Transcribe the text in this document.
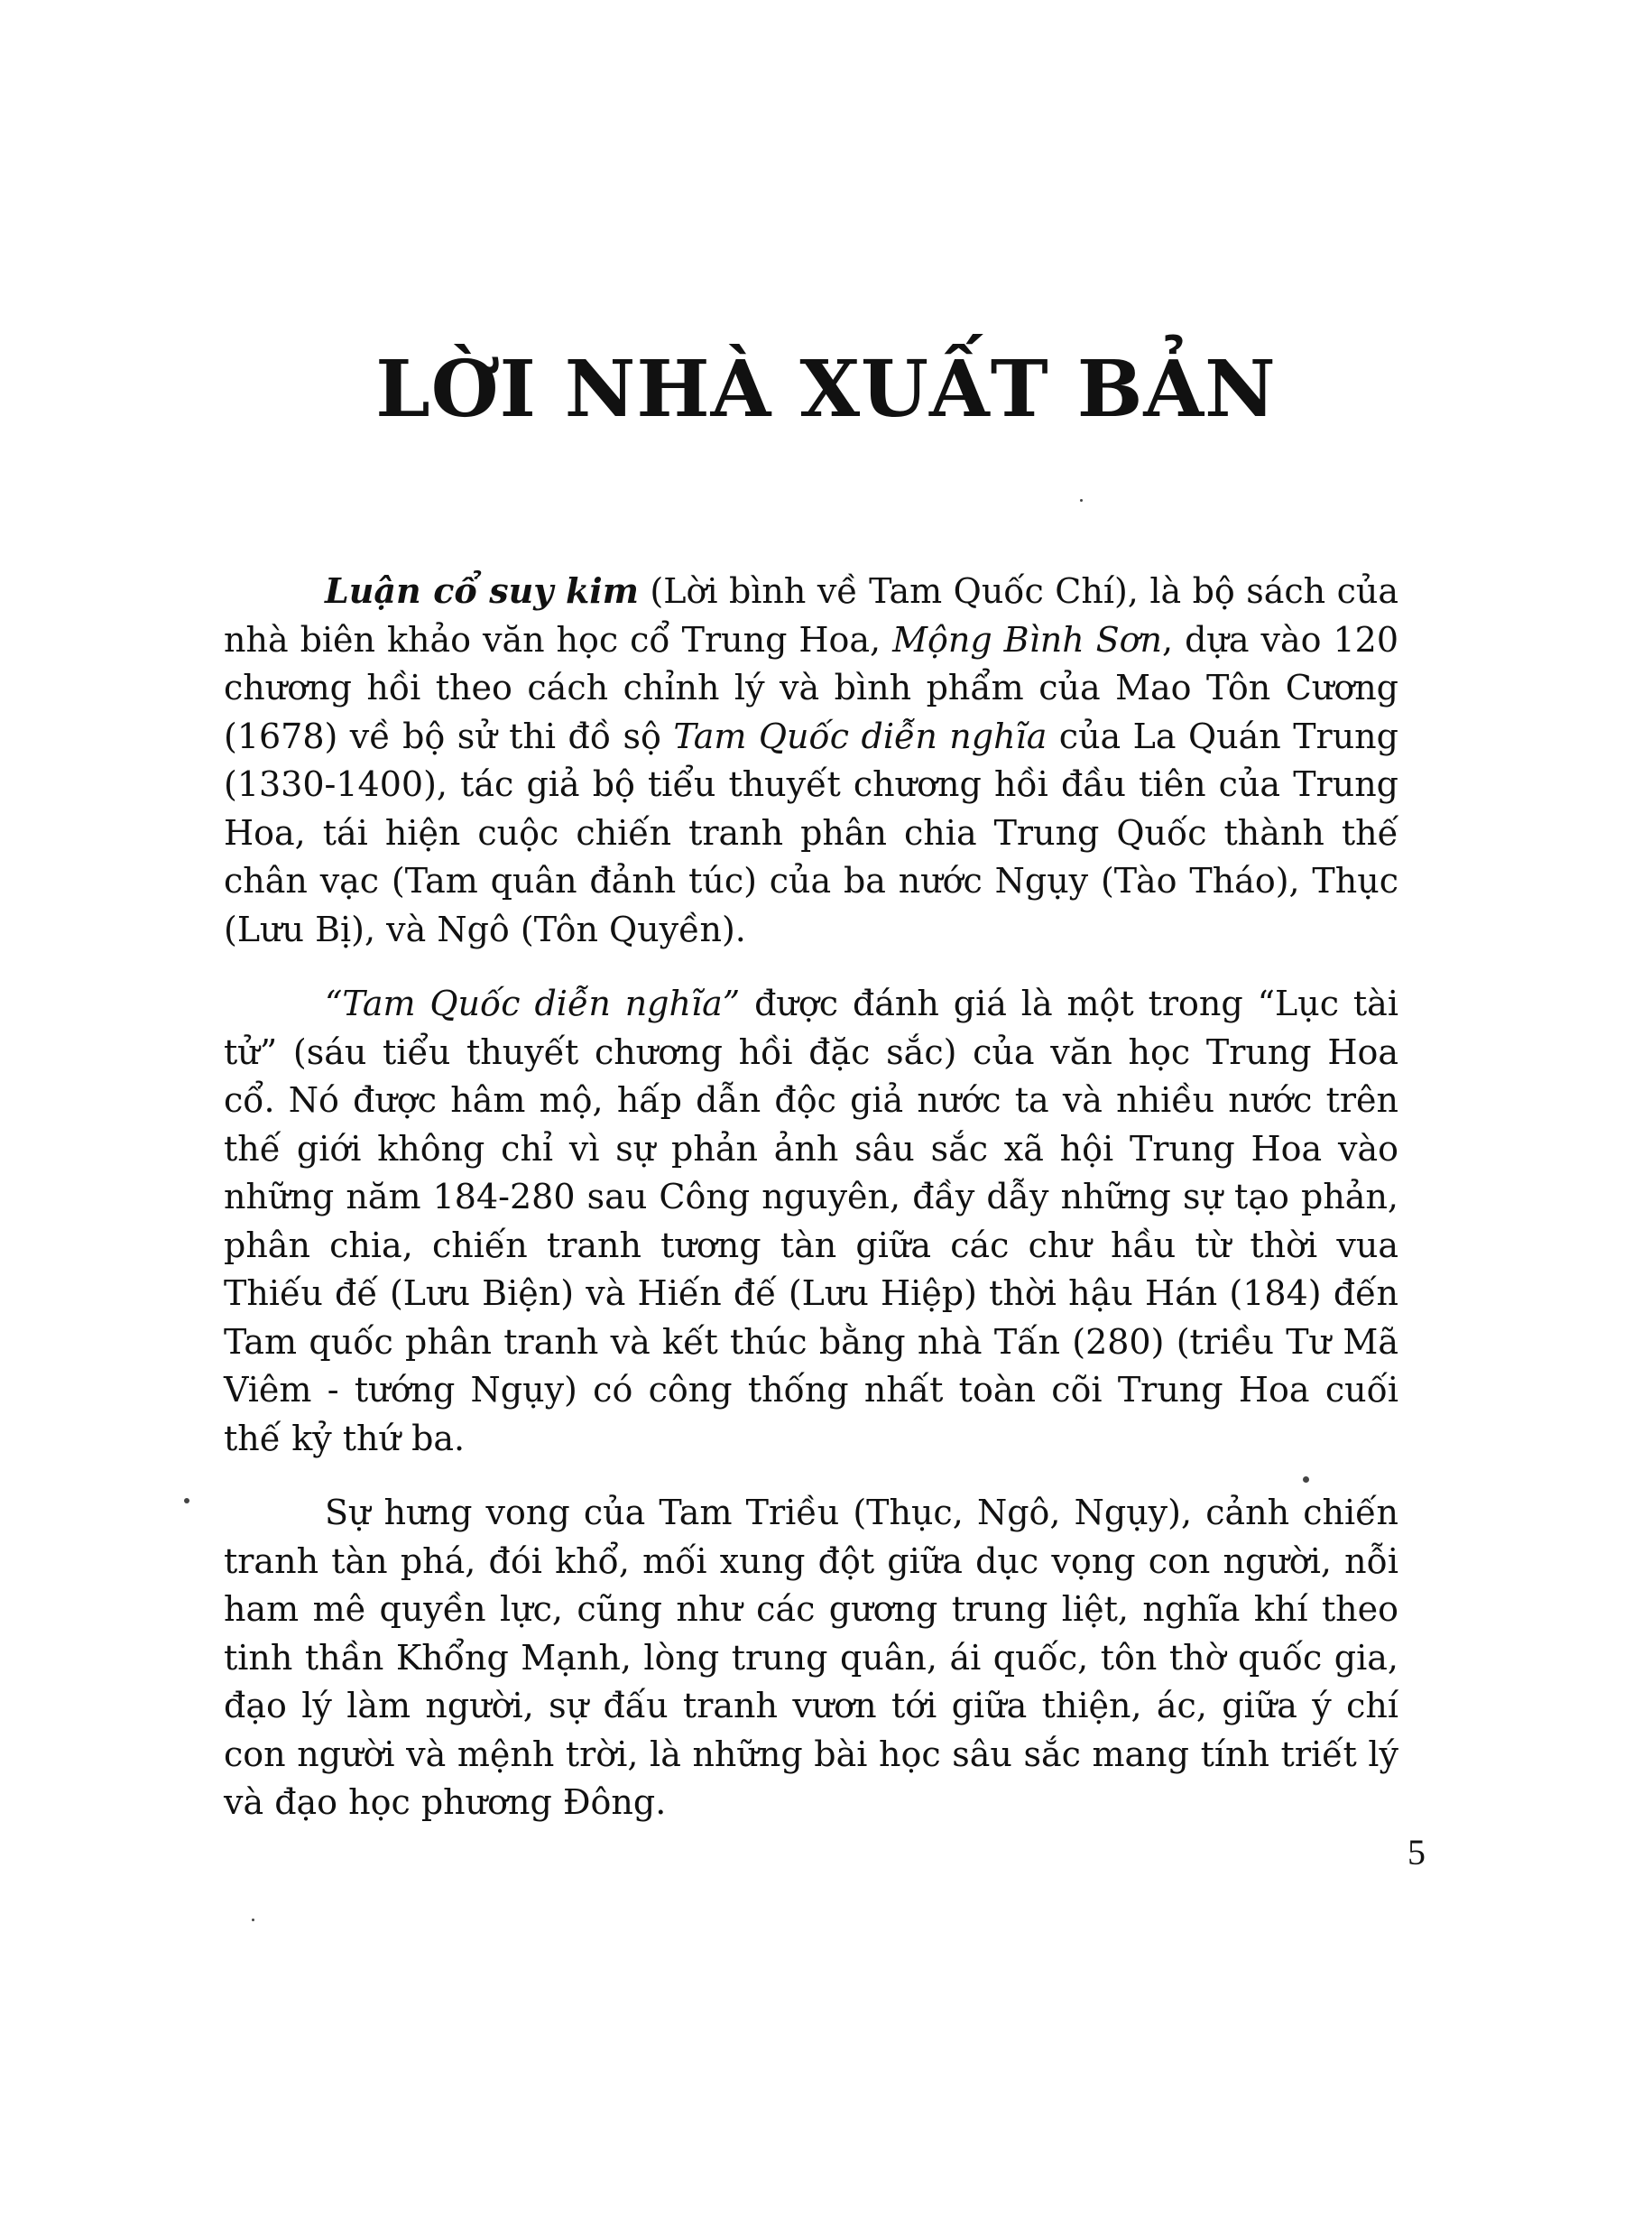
LỜI NHÀ XUẤT BẢN

Luận cổ suy kim (Lời bình về Tam Quốc Chí), là bộ sách của nhà biên khảo văn học cổ Trung Hoa, Mộng Bình Sơn, dựa vào 120 chương hồi theo cách chỉnh lý và bình phẩm của Mao Tôn Cương (1678) về bộ sử thi đồ sộ Tam Quốc diễn nghĩa của La Quán Trung (1330-1400), tác giả bộ tiểu thuyết chương hồi đầu tiên của Trung Hoa, tái hiện cuộc chiến tranh phân chia Trung Quốc thành thế chân vạc (Tam quân đảnh túc) của ba nước Ngụy (Tào Tháo), Thục (Lưu Bị), và Ngô (Tôn Quyền).

“Tam Quốc diễn nghĩa” được đánh giá là một trong “Lục tài tử” (sáu tiểu thuyết chương hồi đặc sắc) của văn học Trung Hoa cổ. Nó được hâm mộ, hấp dẫn độc giả nước ta và nhiều nước trên thế giới không chỉ vì sự phản ảnh sâu sắc xã hội Trung Hoa vào những năm 184-280 sau Công nguyên, đầy dẫy những sự tạo phản, phân chia, chiến tranh tương tàn giữa các chư hầu từ thời vua Thiếu đế (Lưu Biện) và Hiến đế (Lưu Hiệp) thời hậu Hán (184) đến Tam quốc phân tranh và kết thúc bằng nhà Tấn (280) (triều Tư Mã Viêm - tướng Ngụy) có công thống nhất toàn cõi Trung Hoa cuối thế kỷ thứ ba.

Sự hưng vong của Tam Triều (Thục, Ngô, Ngụy), cảnh chiến tranh tàn phá, đói khổ, mối xung đột giữa dục vọng con người, nỗi ham mê quyền lực, cũng như các gương trung liệt, nghĩa khí theo tinh thần Khổng Mạnh, lòng trung quân, ái quốc, tôn thờ quốc gia, đạo lý làm người, sự đấu tranh vươn tới giữa thiện, ác, giữa ý chí con người và mệnh trời, là những bài học sâu sắc mang tính triết lý và đạo học phương Đông.

5
